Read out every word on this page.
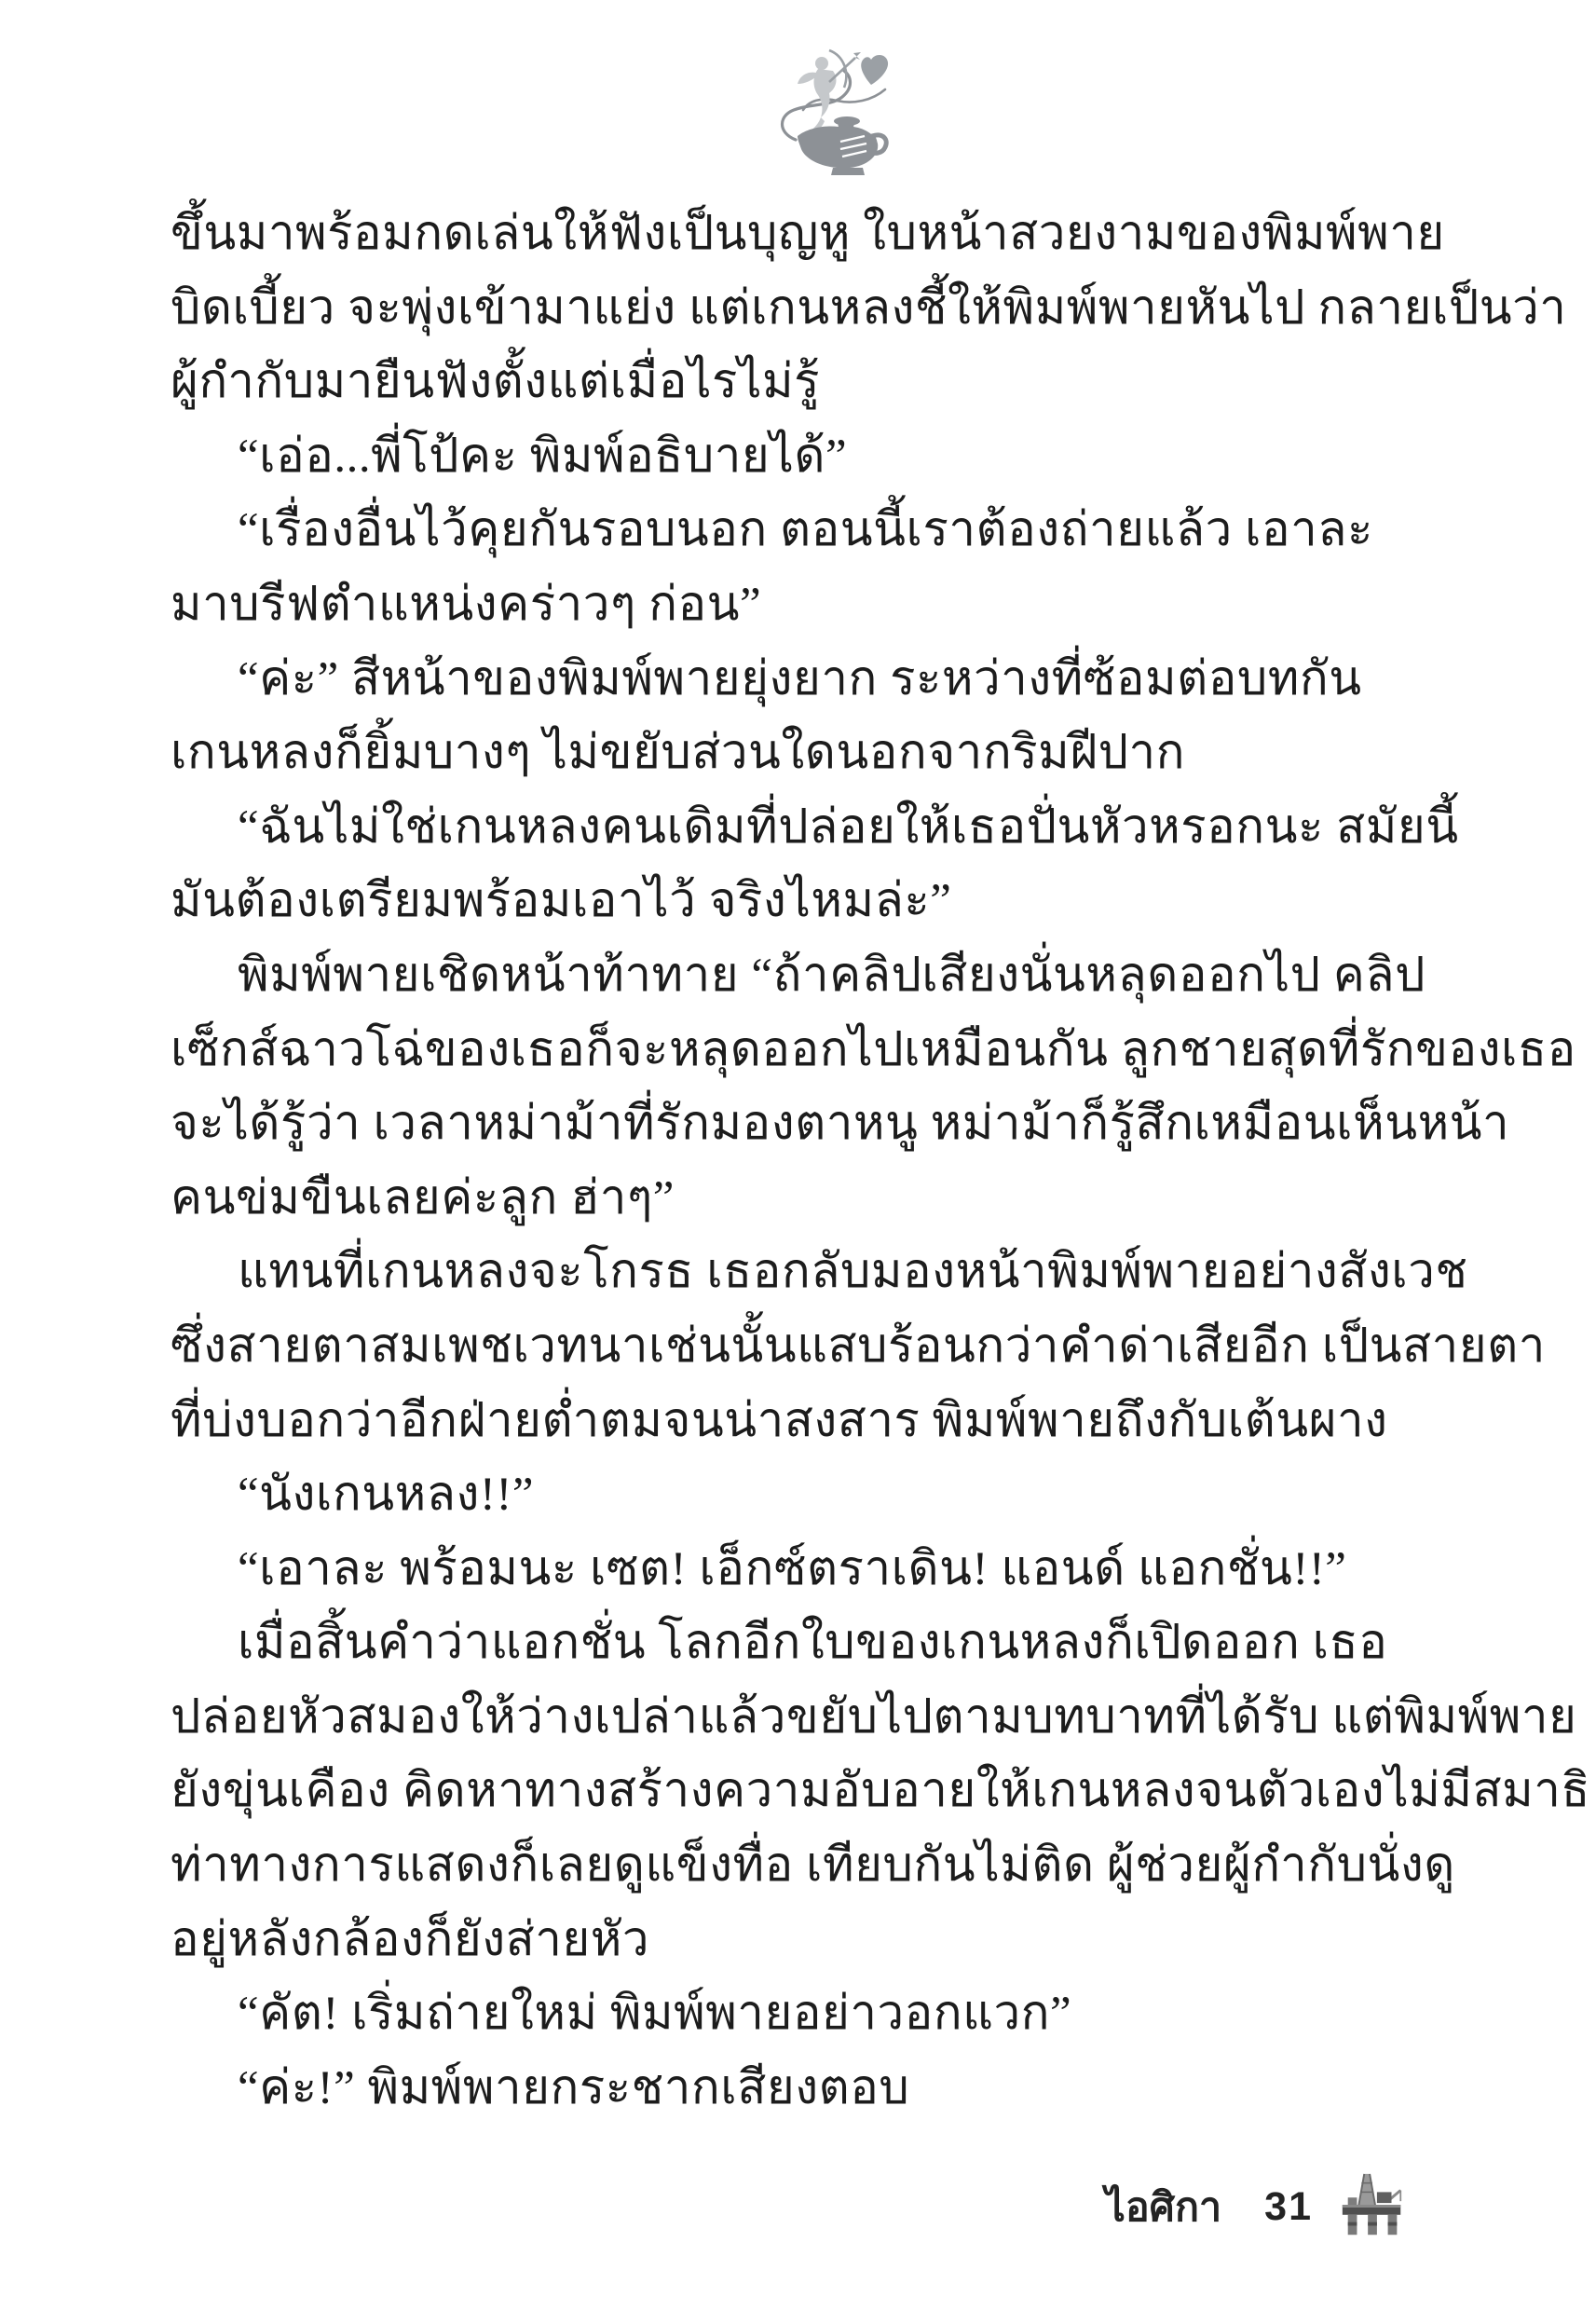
ขึ้นมาพร้อมกดเล่นให้ฟังเป็นบุญหู ใบหน้าสวยงามของพิมพ์พาย
บิดเบี้ยว จะพุ่งเข้ามาแย่ง แต่เกนหลงชี้ให้พิมพ์พายหันไป กลายเป็นว่า
ผู้กำกับมายืนฟังตั้งแต่เมื่อไรไม่รู้
“เอ่อ...พี่โป้คะ พิมพ์อธิบายได้”
“เรื่องอื่นไว้คุยกันรอบนอก ตอนนี้เราต้องถ่ายแล้ว เอาละ
มาบรีฟตำแหน่งคร่าวๆ ก่อน”
“ค่ะ” สีหน้าของพิมพ์พายยุ่งยาก ระหว่างที่ซ้อมต่อบทกัน
เกนหลงก็ยิ้มบางๆ ไม่ขยับส่วนใดนอกจากริมฝีปาก
“ฉันไม่ใช่เกนหลงคนเดิมที่ปล่อยให้เธอปั่นหัวหรอกนะ สมัยนี้
มันต้องเตรียมพร้อมเอาไว้ จริงไหมล่ะ”
พิมพ์พายเชิดหน้าท้าทาย “ถ้าคลิปเสียงนั่นหลุดออกไป คลิป
เซ็กส์ฉาวโฉ่ของเธอก็จะหลุดออกไปเหมือนกัน ลูกชายสุดที่รักของเธอ
จะได้รู้ว่า เวลาหม่าม้าที่รักมองตาหนู หม่าม้าก็รู้สึกเหมือนเห็นหน้า
คนข่มขืนเลยค่ะลูก ฮ่าๆ”
แทนที่เกนหลงจะโกรธ เธอกลับมองหน้าพิมพ์พายอย่างสังเวช
ซึ่งสายตาสมเพชเวทนาเช่นนั้นแสบร้อนกว่าคำด่าเสียอีก เป็นสายตา
ที่บ่งบอกว่าอีกฝ่ายต่ำตมจนน่าสงสาร พิมพ์พายถึงกับเต้นผาง
“นังเกนหลง!!”
“เอาละ พร้อมนะ เซต! เอ็กซ์ตราเดิน! แอนด์ แอกชั่น!!”
เมื่อสิ้นคำว่าแอกชั่น โลกอีกใบของเกนหลงก็เปิดออก เธอ
ปล่อยหัวสมองให้ว่างเปล่าแล้วขยับไปตามบทบาทที่ได้รับ แต่พิมพ์พาย
ยังขุ่นเคือง คิดหาทางสร้างความอับอายให้เกนหลงจนตัวเองไม่มีสมาธิ
ท่าทางการแสดงก็เลยดูแข็งทื่อ เทียบกันไม่ติด ผู้ช่วยผู้กำกับนั่งดู
อยู่หลังกล้องก็ยังส่ายหัว
“คัต! เริ่มถ่ายใหม่ พิมพ์พายอย่าวอกแวก”
“ค่ะ!” พิมพ์พายกระชากเสียงตอบ
ไอศิกา 31
